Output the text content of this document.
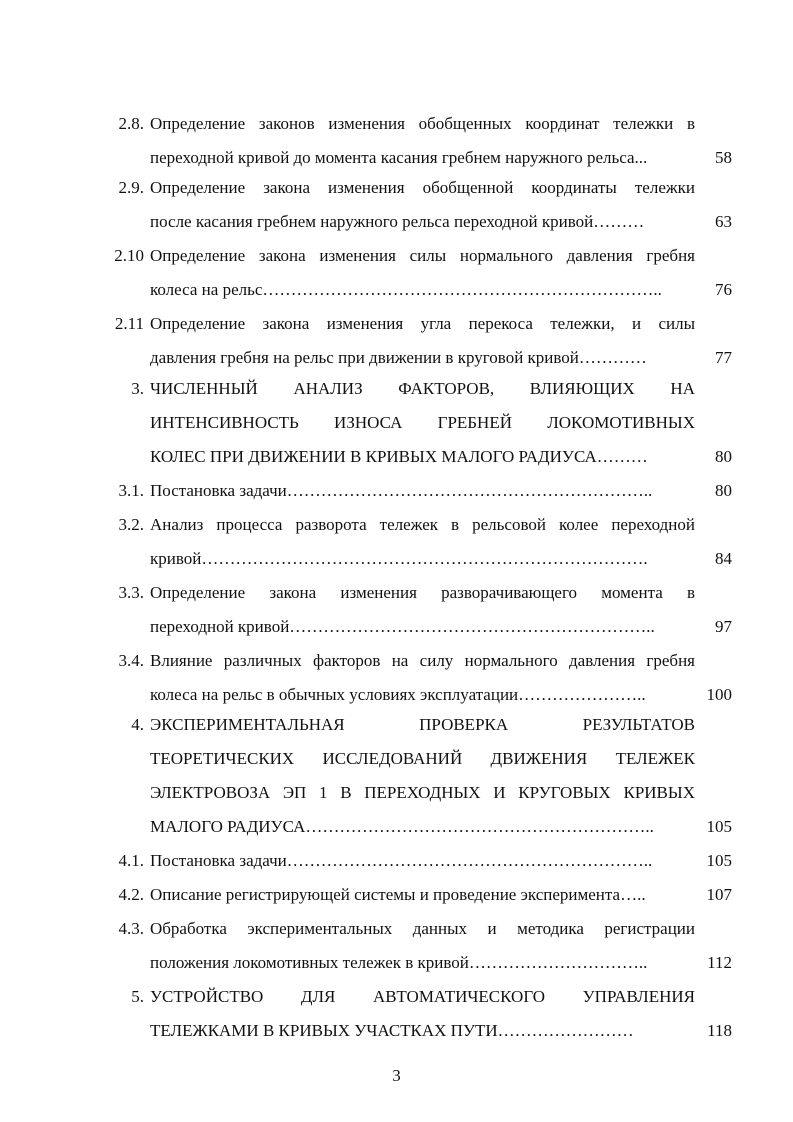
2.8. Определение законов изменения обобщенных координат тележки в
переходной кривой до момента касания гребнем наружного рельса...	58
2.9. Определение закона изменения обобщенной координаты тележки
после касания гребнем наружного рельса переходной кривой………	63
2.10 Определение закона изменения силы нормального давления гребня
колеса на рельс……………………………………………………………..	76
2.11 Определение закона изменения угла перекоса тележки, и силы
давления гребня на рельс при движении в круговой кривой…………	77
3. ЧИСЛЕННЫЙ АНАЛИЗ ФАКТОРОВ, ВЛИЯЮЩИХ НА
ИНТЕНСИВНОСТЬ ИЗНОСА ГРЕБНЕЙ ЛОКОМОТИВНЫХ
КОЛЕС ПРИ ДВИЖЕНИИ В КРИВЫХ МАЛОГО РАДИУСА………	80
3.1. Постановка задачи………………………………………………………..	80
3.2. Анализ процесса разворота тележек в рельсовой колее переходной
кривой…………………………………………………………………….	84
3.3. Определение закона изменения разворачивающего момента в
переходной кривой………………………………………………………..	97
3.4. Влияние различных факторов на силу нормального давления гребня
колеса на рельс в обычных условиях эксплуатации…………………..	100
4. ЭКСПЕРИМЕНТАЛЬНАЯ ПРОВЕРКА РЕЗУЛЬТАТОВ
ТЕОРЕТИЧЕСКИХ ИССЛЕДОВАНИЙ ДВИЖЕНИЯ ТЕЛЕЖЕК
ЭЛЕКТРОВОЗА ЭП 1 В ПЕРЕХОДНЫХ И КРУГОВЫХ КРИВЫХ
МАЛОГО РАДИУСА……………………………………………………..	105
4.1. Постановка задачи………………………………………………………..	105
4.2. Описание регистрирующей системы и проведение эксперимента…..	107
4.3. Обработка экспериментальных данных и методика регистрации
положения локомотивных тележек в кривой…………………………..	112
5. УСТРОЙСТВО ДЛЯ АВТОМАТИЧЕСКОГО УПРАВЛЕНИЯ
ТЕЛЕЖКАМИ В КРИВЫХ УЧАСТКАХ ПУТИ……………………	118
3
